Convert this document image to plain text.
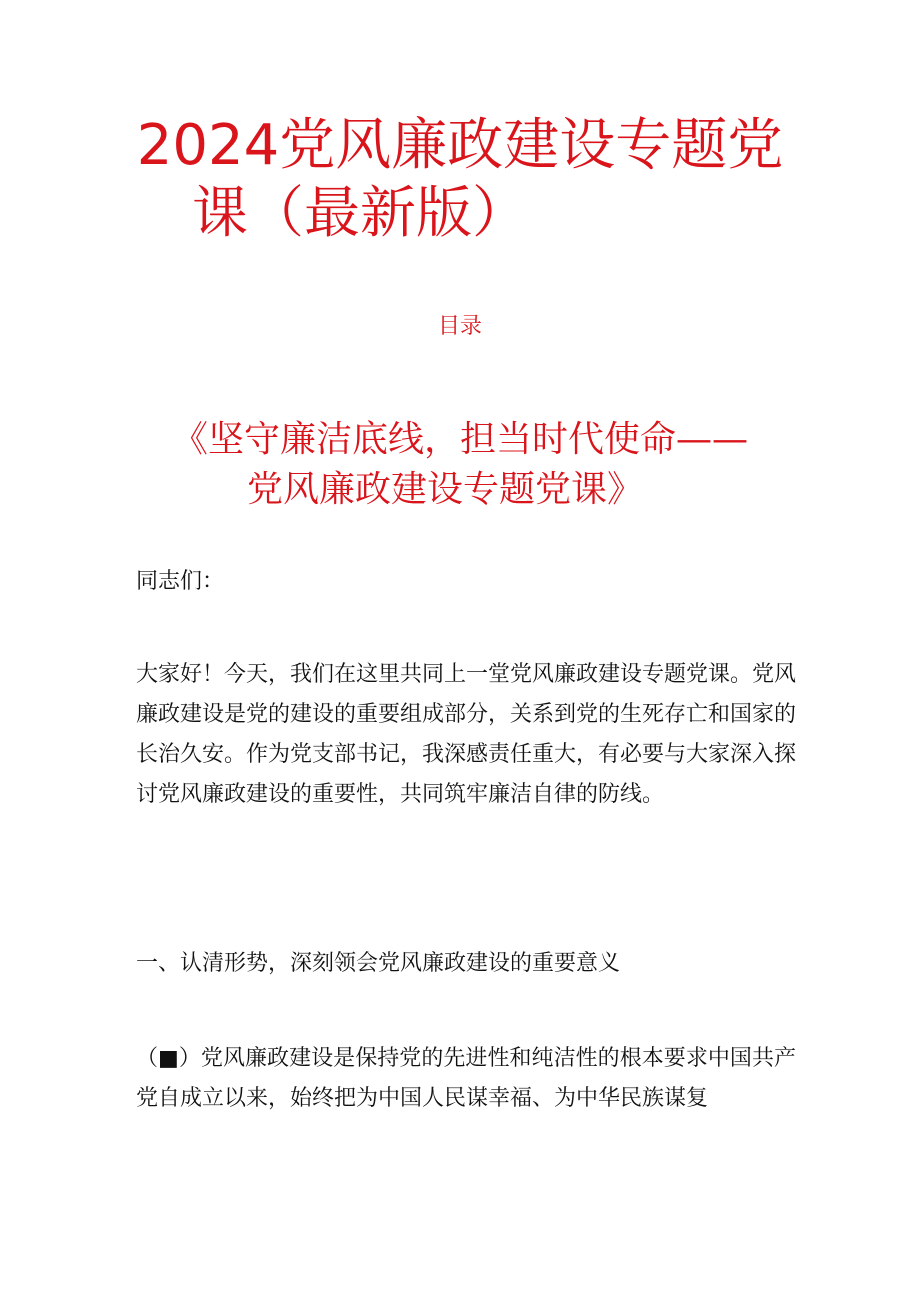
2024党风廉政建设专题党
课（最新版）
目录
《坚守廉洁底线，担当时代使命——
党风廉政建设专题党课》

同志们：

大家好！今天，我们在这里共同上一堂党风廉政建设专题党课。党风廉政建设是党的建设的重要组成部分，关系到党的生死存亡和国家的长治久安。作为党支部书记，我深感责任重大，有必要与大家深入探讨党风廉政建设的重要性，共同筑牢廉洁自律的防线。

一、认清形势，深刻领会党风廉政建设的重要意义

（■）党风廉政建设是保持党的先进性和纯洁性的根本要求中国共产党自成立以来，始终把为中国人民谋幸福、为中华民族谋复
